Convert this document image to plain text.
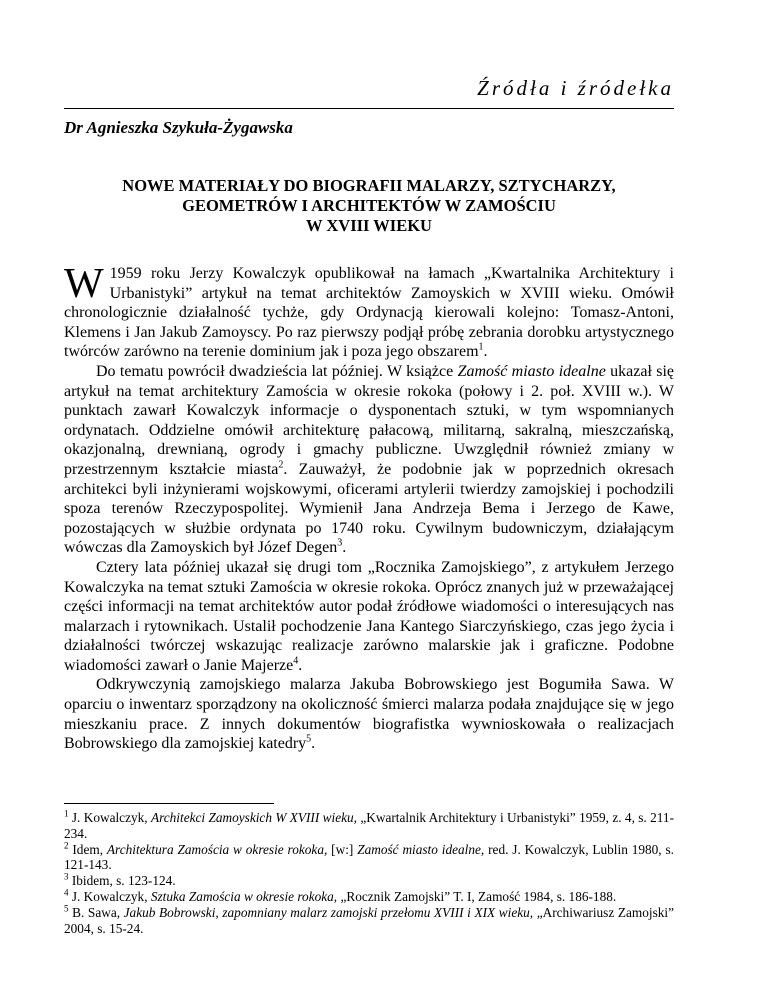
Źródła i źródełka
Dr Agnieszka Szykuła-Żygawska
NOWE MATERIAŁY DO BIOGRAFII MALARZY, SZTYCHARZY,
GEOMETRÓW I ARCHITEKTÓW W ZAMOŚCIU
W XVIII WIEKU

W 1959 roku Jerzy Kowalczyk opublikował na łamach „Kwartalnika Architektury i Urbanistyki” artykuł na temat architektów Zamoyskich w XVIII wieku. Omówił chronologicznie działalność tychże, gdy Ordynacją kierowali kolejno: Tomasz-Antoni, Klemens i Jan Jakub Zamoyscy. Po raz pierwszy podjął próbę zebrania dorobku artystycznego twórców zarówno na terenie dominium jak i poza jego obszarem$^1$.

Do tematu powrócił dwadzieścia lat później. W książce Zamość miasto idealne ukazał się artykuł na temat architektury Zamościa w okresie rokoka (połowy i 2. poł. XVIII w.). W punktach zawarł Kowalczyk informacje o dysponentach sztuki, w tym wspomnianych ordynatach. Oddzielne omówił architekturę pałacową, militarną, sakralną, mieszczańską, okazjonalną, drewnianą, ogrody i gmachy publiczne. Uwzględnił również zmiany w przestrzennym kształcie miasta$^2$. Zauważył, że podobnie jak w poprzednich okresach architekci byli inżynierami wojskowymi, oficerami artylerii twierdzy zamojskiej i pochodzili spoza terenów Rzeczypospolitej. Wymienił Jana Andrzeja Bema i Jerzego de Kawe, pozostających w służbie ordynata po 1740 roku. Cywilnym budowniczym, działającym wówczas dla Zamoyskich był Józef Degen$^3$.

Cztery lata później ukazał się drugi tom „Rocznika Zamojskiego”, z artykułem Jerzego Kowalczyka na temat sztuki Zamościa w okresie rokoka. Oprócz znanych już w przeważającej części informacji na temat architektów autor podał źródłowe wiadomości o interesujących nas malarzach i rytownikach. Ustalił pochodzenie Jana Kantego Siarczyńskiego, czas jego życia i działalności twórczej wskazując realizacje zarówno malarskie jak i graficzne. Podobne wiadomości zawarł o Janie Majerze$^4$.

Odkrywczynią zamojskiego malarza Jakuba Bobrowskiego jest Bogumiła Sawa. W oparciu o inwentarz sporządzony na okoliczność śmierci malarza podała znajdujące się w jego mieszkaniu prace. Z innych dokumentów biografistka wywnioskowała o realizacjach Bobrowskiego dla zamojskiej katedry$^5$.

$^1$ J. Kowalczyk, Architekci Zamoyskich W XVIII wieku, „Kwartalnik Architektury i Urbanistyki” 1959, z. 4, s. 211-234.

$^2$ Idem, Architektura Zamościa w okresie rokoka, [w:] Zamość miasto idealne, red. J. Kowalczyk, Lublin 1980, s. 121-143.

$^3$ Ibidem, s. 123-124.

$^4$ J. Kowalczyk, Sztuka Zamościa w okresie rokoka, „Rocznik Zamojski” T. I, Zamość 1984, s. 186-188.

$^5$ B. Sawa, Jakub Bobrowski, zapomniany malarz zamojski przełomu XVIII i XIX wieku, „Archiwariusz Zamojski” 2004, s. 15-24.
